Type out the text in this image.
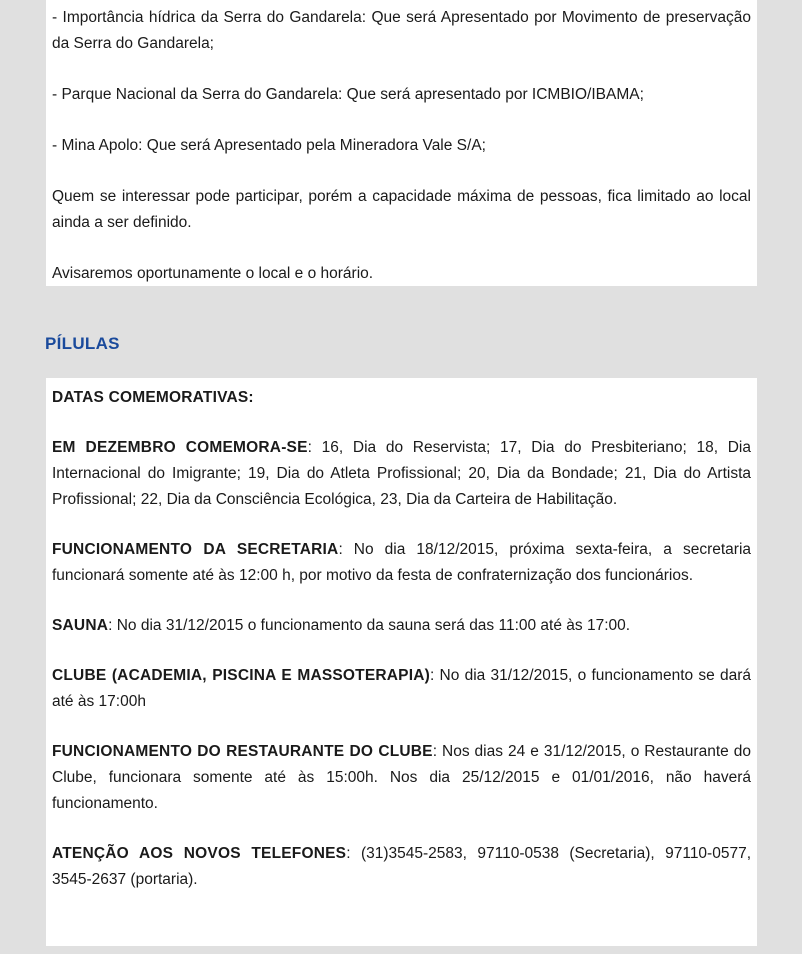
- Importância hídrica da Serra do Gandarela: Que será Apresentado por Movimento de preservação da Serra do Gandarela;

- Parque Nacional da Serra do Gandarela: Que será apresentado por ICMBIO/IBAMA;

- Mina Apolo: Que será Apresentado pela Mineradora Vale S/A;

Quem se interessar pode participar, porém a capacidade máxima de pessoas, fica limitado ao local ainda a ser definido.

Avisaremos oportunamente o local e o horário.

PÍLULAS

DATAS COMEMORATIVAS:

EM DEZEMBRO COMEMORA-SE: 16, Dia do Reservista; 17, Dia do Presbiteriano; 18, Dia Internacional do Imigrante; 19, Dia do Atleta Profissional; 20, Dia da Bondade; 21, Dia do Artista Profissional; 22, Dia da Consciência Ecológica, 23, Dia da Carteira de Habilitação.

FUNCIONAMENTO DA SECRETARIA: No dia 18/12/2015, próxima sexta-feira, a secretaria funcionará somente até às 12:00 h, por motivo da festa de confraternização dos funcionários.

SAUNA: No dia 31/12/2015 o funcionamento da sauna será das 11:00 até às 17:00.

CLUBE (ACADEMIA, PISCINA E MASSOTERAPIA): No dia 31/12/2015, o funcionamento se dará até às 17:00h

FUNCIONAMENTO DO RESTAURANTE DO CLUBE: Nos dias 24 e 31/12/2015, o Restaurante do Clube, funcionara somente até às 15:00h. Nos dia 25/12/2015 e 01/01/2016, não haverá funcionamento.

ATENÇÃO AOS NOVOS TELEFONES: (31)3545-2583, 97110-0538 (Secretaria), 97110-0577, 3545-2637 (portaria).
